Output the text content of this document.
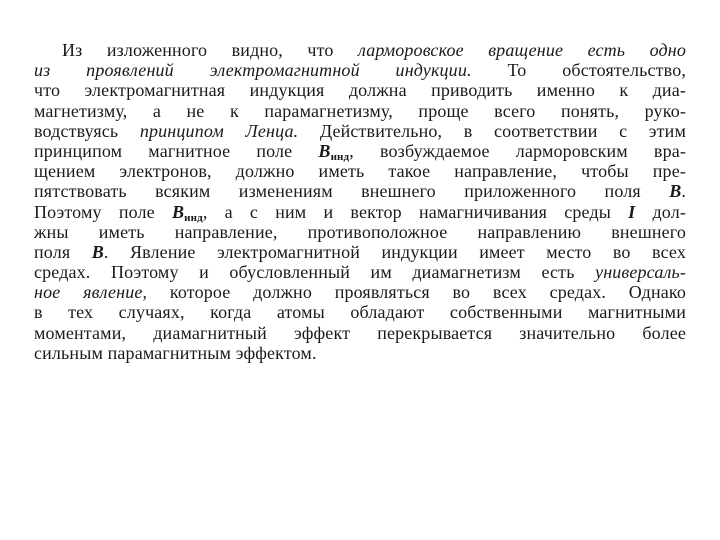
Из изложенного видно, что ларморовское вращение есть одно
из проявлений электромагнитной индукции. То обстоятельство,
что электромагнитная индукция должна приводить именно к диа-
магнетизму, а не к парамагнетизму, проще всего понять, руко-
водствуясь принципом Ленца. Действительно, в соответствии с этим
принципом магнитное поле $B_{инд}$, возбуждаемое ларморовским вра-
щением электронов, должно иметь такое направление, чтобы пре-
пятствовать всяким изменениям внешнего приложенного поля B.
Поэтому поле $B_{инд}$, а с ним и вектор намагничивания среды I дол-
жны иметь направление, противоположное направлению внешнего
поля B. Явление электромагнитной индукции имеет место во всех
средах. Поэтому и обусловленный им диамагнетизм есть универсаль-
ное явление, которое должно проявляться во всех средах. Однако
в тех случаях, когда атомы обладают собственными магнитными
моментами, диамагнитный эффект перекрывается значительно более
сильным парамагнитным эффектом.
